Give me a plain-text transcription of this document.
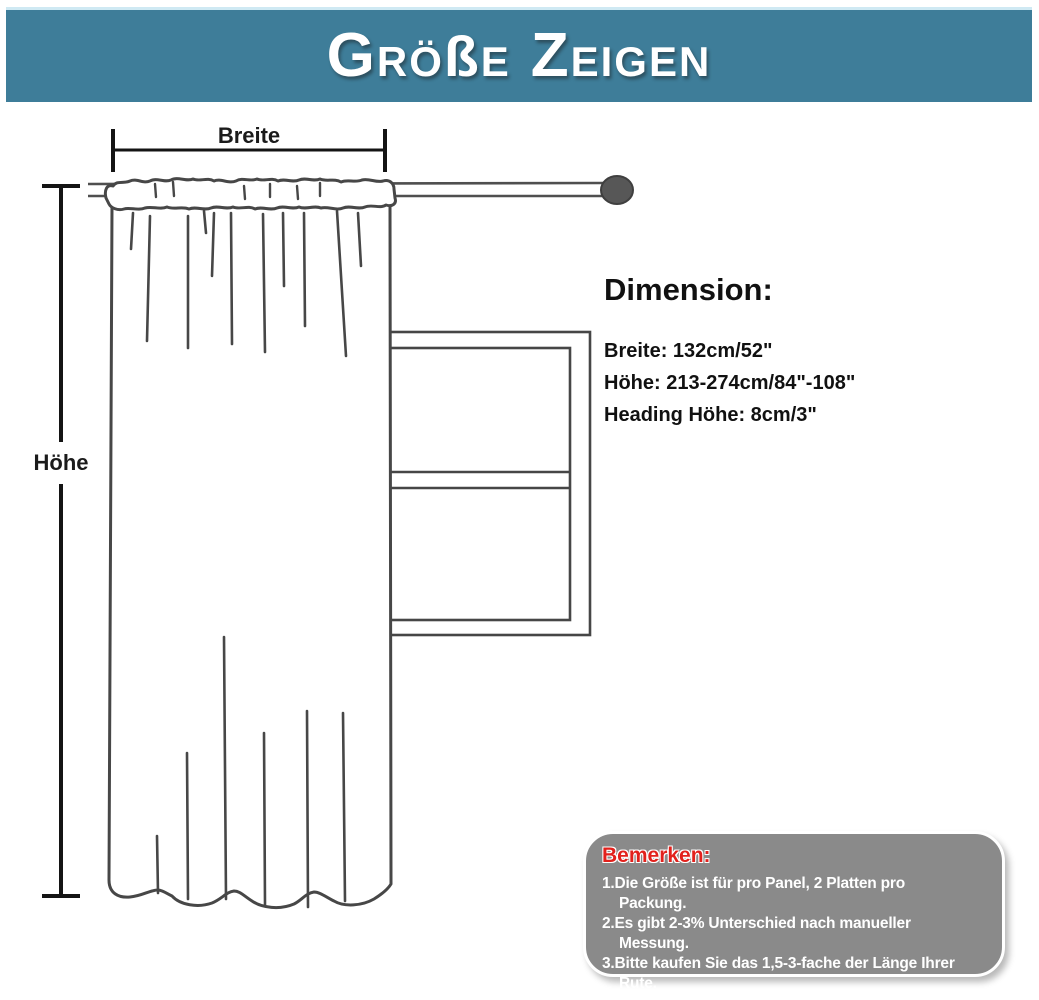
GRÖßE ZEIGEN
Breite
Höhe

Dimension:

Breite: 132cm/52"

Höhe: 213-274cm/84"-108"

Heading Höhe: 8cm/3"

Bemerken:

1.Die Größe ist für pro Panel, 2 Platten pro
Packung.
2.Es gibt 2-3% Unterschied nach manueller
Messung.
3.Bitte kaufen Sie das 1,5-3-fache der Länge Ihrer
Rute.
